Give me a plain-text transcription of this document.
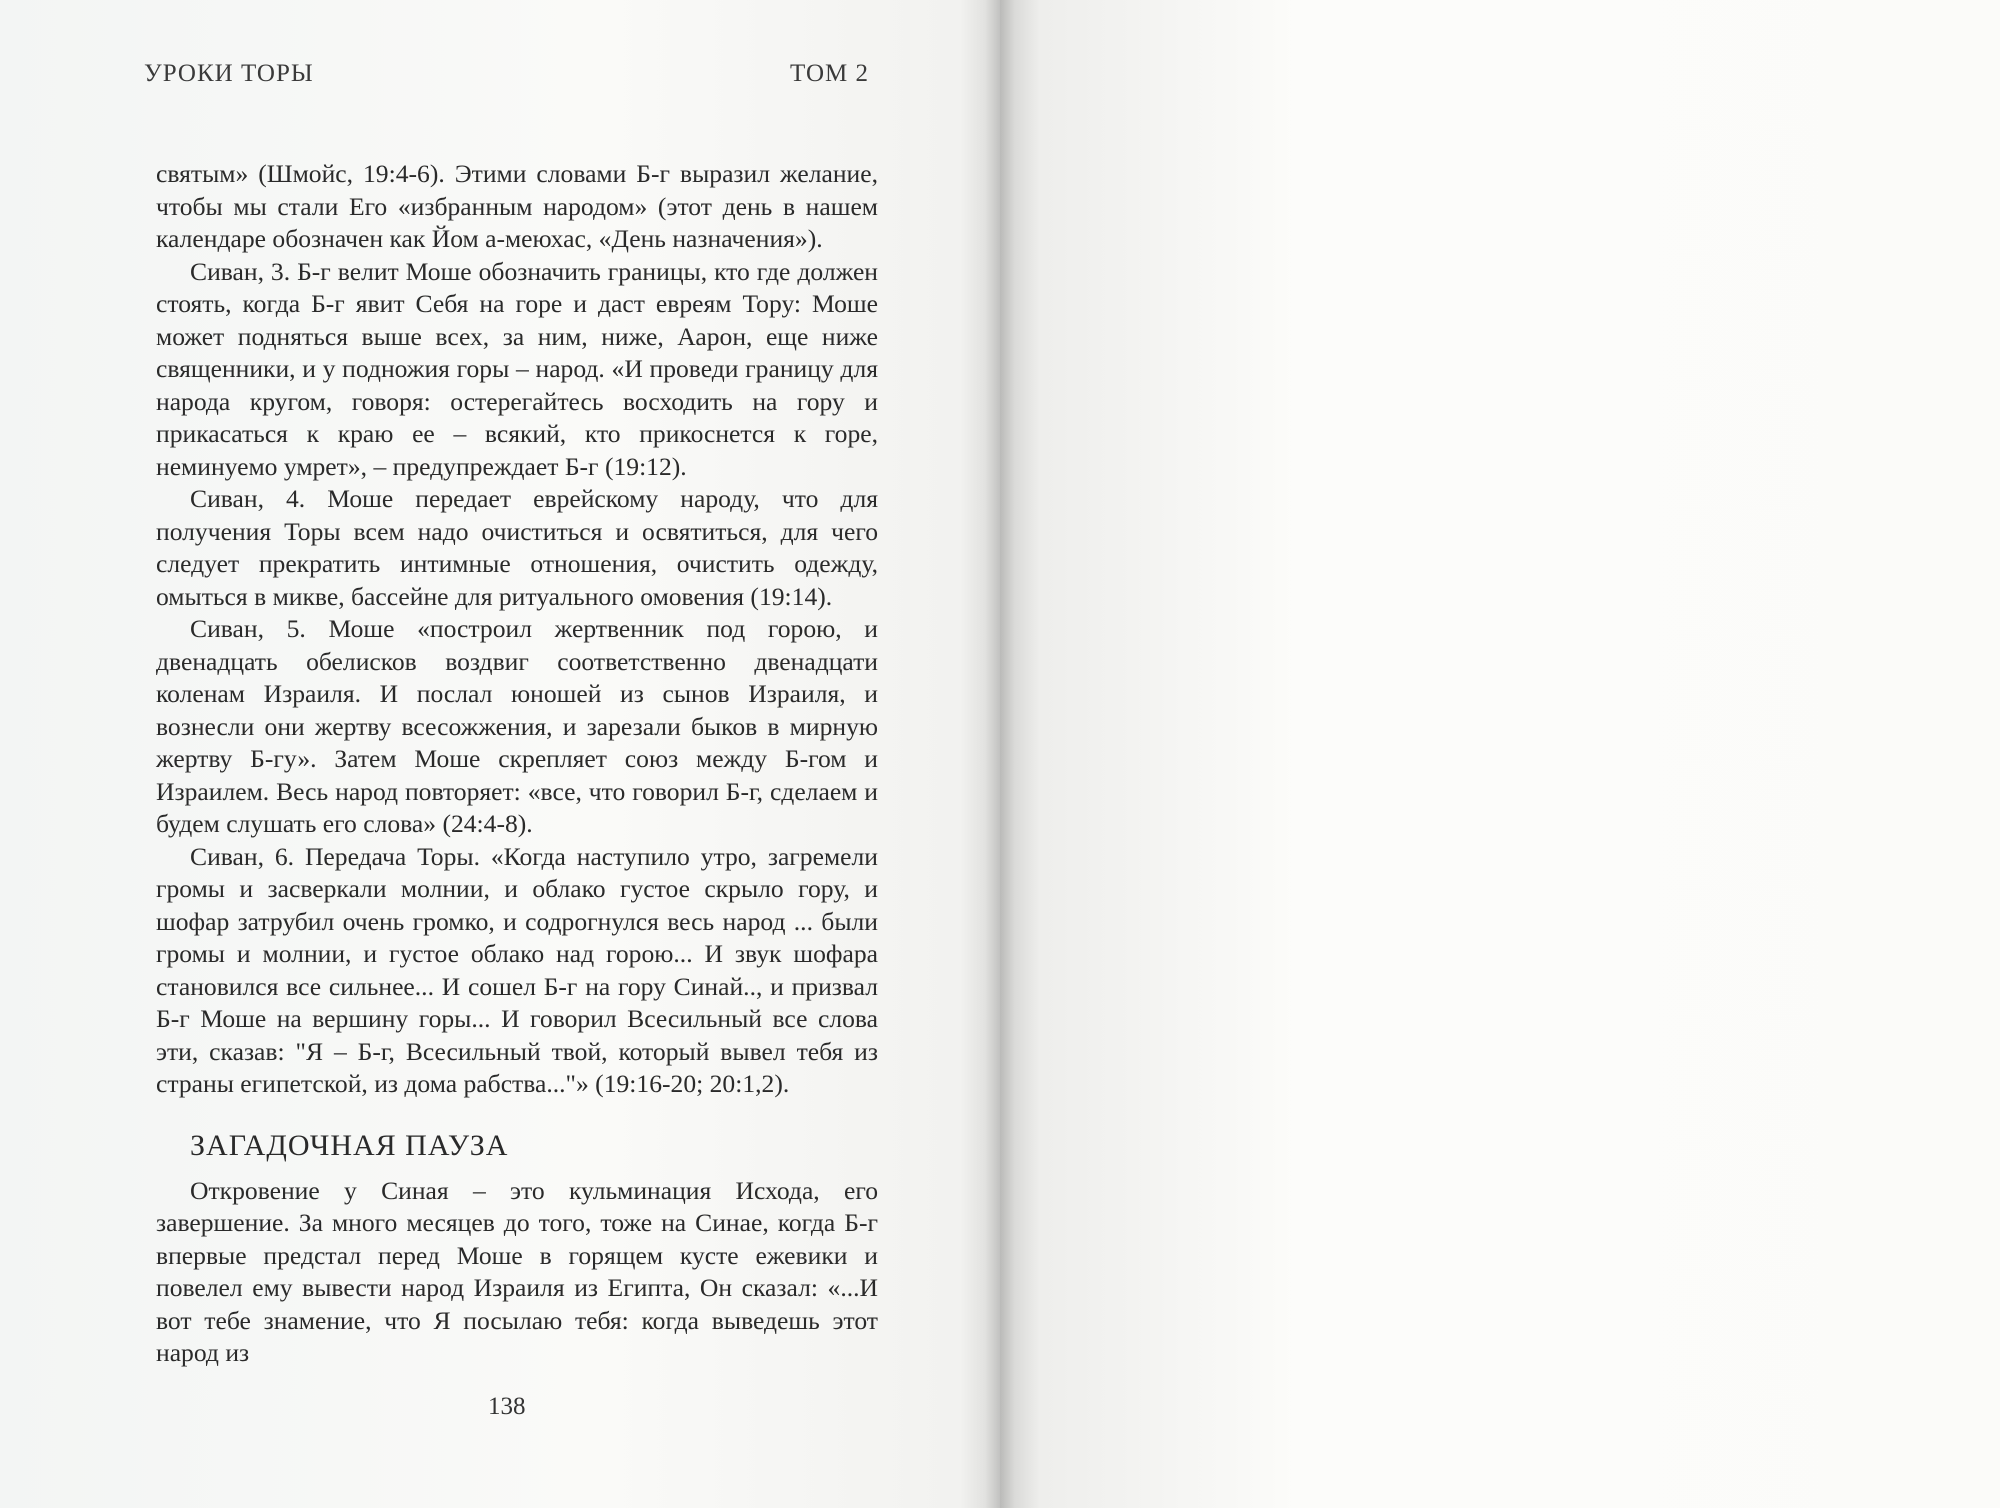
УРОКИ ТОРЫ	ТОМ 2

святым» (Шмойс, 19:4-6). Этими словами Б-г выразил желание, чтобы мы стали Его «избранным народом» (этот день в нашем календаре обозначен как Йом а-меюхас, «День назначения»).

Сиван, 3. Б-г велит Моше обозначить границы, кто где должен стоять, когда Б-г явит Себя на горе и даст евреям Тору: Моше может подняться выше всех, за ним, ниже, Аарон, еще ниже священники, и у подножия горы – народ. «И проведи границу для народа кругом, говоря: остерегайтесь восходить на гору и прикасаться к краю ее – всякий, кто прикоснется к горе, неминуемо умрет», – предупреждает Б-г (19:12).

Сиван, 4. Моше передает еврейскому народу, что для получения Торы всем надо очиститься и освятиться, для чего следует прекратить интимные отношения, очистить одежду, омыться в микве, бассейне для ритуального омовения (19:14).

Сиван, 5. Моше «построил жертвенник под горою, и двенадцать обелисков воздвиг соответственно двенадцати коленам Израиля. И послал юношей из сынов Израиля, и вознесли они жертву всесожжения, и зарезали быков в мирную жертву Б-гу». Затем Моше скрепляет союз между Б-гом и Израилем. Весь народ повторяет: «все, что говорил Б-г, сделаем и будем слушать его слова» (24:4-8).

Сиван, 6. Передача Торы. «Когда наступило утро, загремели громы и засверкали молнии, и облако густое скрыло гору, и шофар затрубил очень громко, и содрогнулся весь народ ... были громы и молнии, и густое облако над горою... И звук шофара становился все сильнее... И сошел Б-г на гору Синай.., и призвал Б-г Моше на вершину горы... И говорил Всесильный все слова эти, сказав: "Я – Б-г, Всесильный твой, который вывел тебя из страны египетской, из дома рабства..."» (19:16-20; 20:1,2).

ЗАГАДОЧНАЯ ПАУЗА

Откровение у Синая – это кульминация Исхода, его завершение. За много месяцев до того, тоже на Синае, когда Б-г впервые предстал перед Моше в горящем кусте ежевики и повелел ему вывести народ Израиля из Египта, Он сказал: «...И вот тебе знамение, что Я посылаю тебя: когда выведешь этот народ из

138
